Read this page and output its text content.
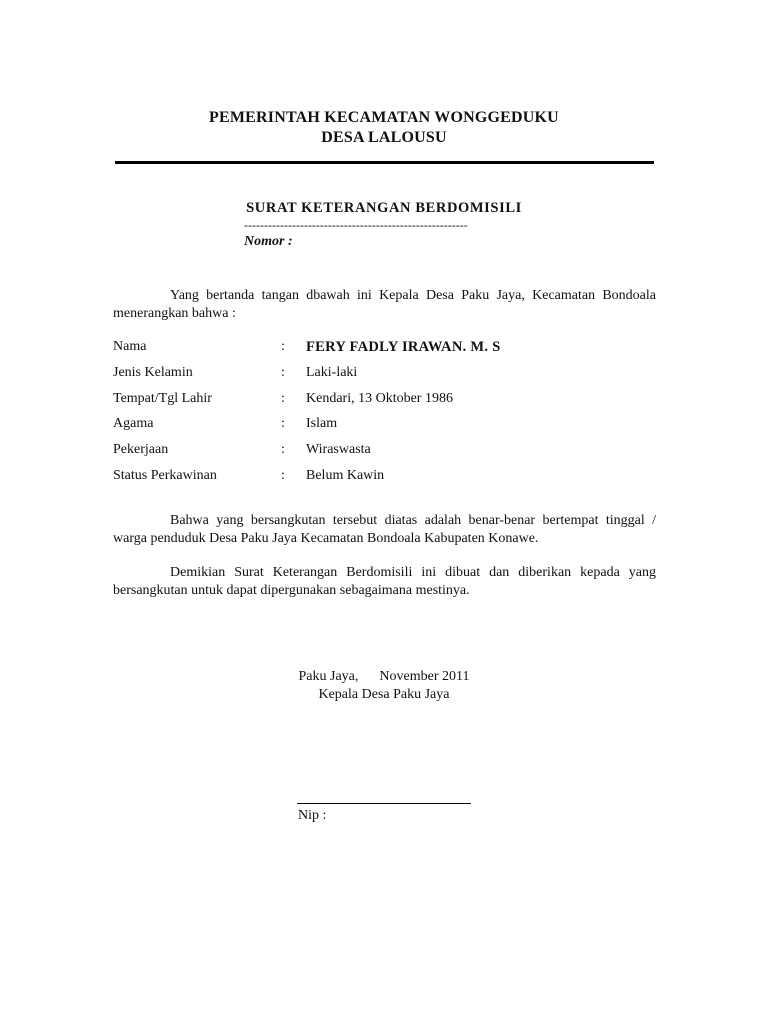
PEMERINTAH KECAMATAN WONGGEDUKU
DESA LALOUSU
SURAT KETERANGAN BERDOMISILI
--------------------------------------------------------
Nomor :
Yang bertanda tangan dbawah ini Kepala Desa Paku Jaya, Kecamatan Bondoala menerangkan bahwa :
Nama	: FERY FADLY IRAWAN. M. S
Jenis Kelamin	: Laki-laki
Tempat/Tgl Lahir	: Kendari, 13 Oktober 1986
Agama	: Islam
Pekerjaan	: Wiraswasta
Status Perkawinan	: Belum Kawin
Bahwa yang bersangkutan tersebut diatas adalah benar-benar bertempat tinggal / warga penduduk Desa Paku Jaya Kecamatan Bondoala Kabupaten Konawe.
Demikian Surat Keterangan Berdomisili ini dibuat dan diberikan kepada yang bersangkutan untuk dapat dipergunakan sebagaimana mestinya.
Paku Jaya,      November 2011
Kepala Desa Paku Jaya
Nip :
